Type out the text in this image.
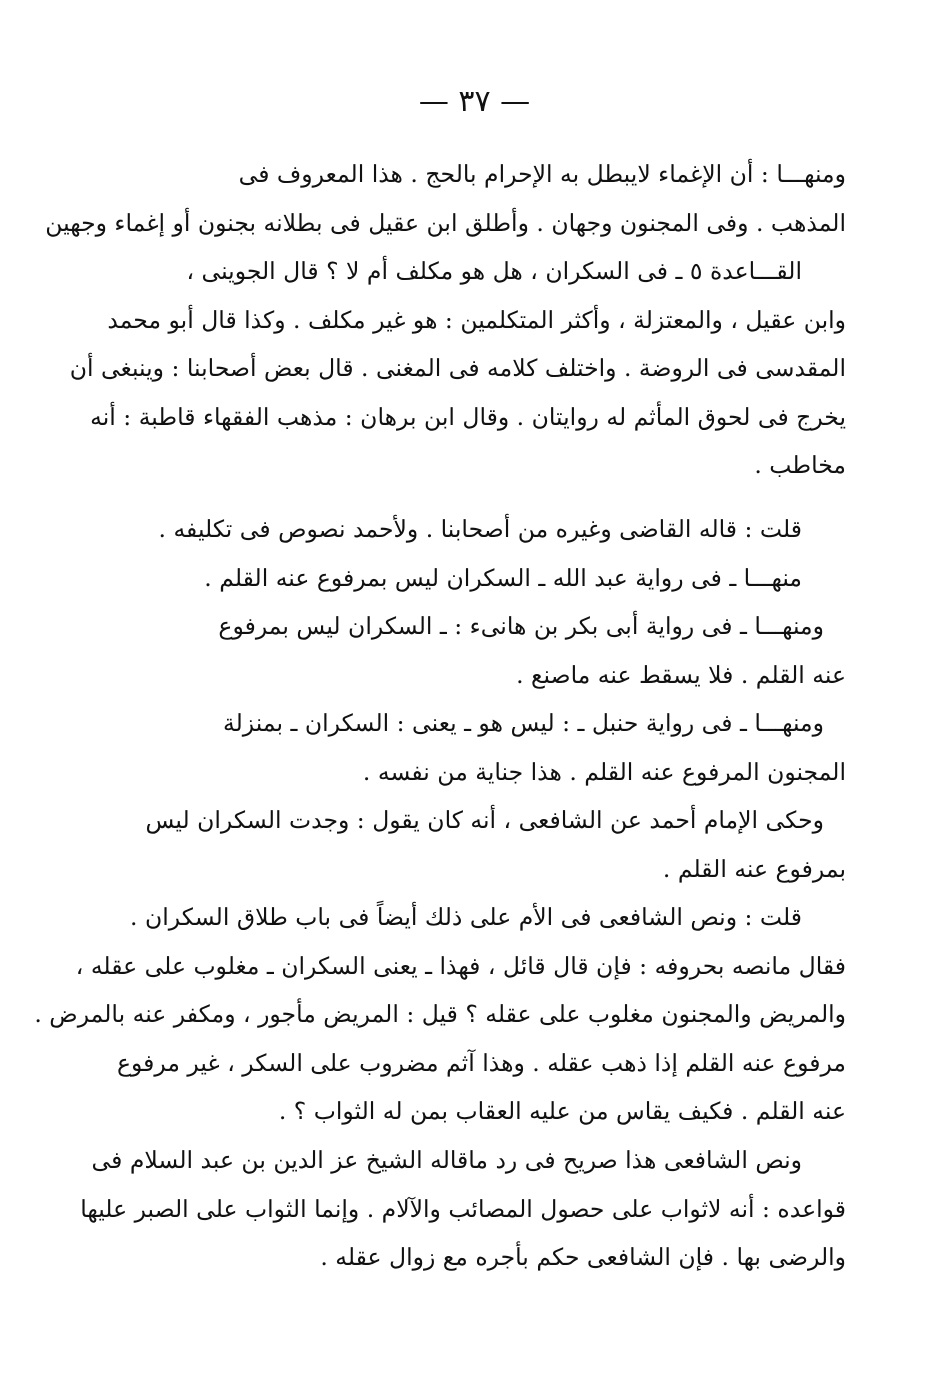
— ٣٧ —
ومنهـــا : أن الإغماء لايبطل به الإحرام بالحج . هذا المعروف فى
المذهب . وفى المجنون وجهان . وأطلق ابن عقيل فى بطلانه بجنون أو إغماء وجهين
القـــاعدة ٥ ـ فى السكران ، هل هو مكلف أم لا ؟ قال الجوينى ،
وابن عقيل ، والمعتزلة ، وأكثر المتكلمين : هو غير مكلف . وكذا قال أبو محمد
المقدسى فى الروضة . واختلف كلامه فى المغنى . قال بعض أصحابنا : وينبغى أن
يخرج فى لحوق المأثم له روايتان . وقال ابن برهان : مذهب الفقهاء قاطبة : أنه
مخاطب .
قلت : قاله القاضى وغيره من أصحابنا . ولأحمد نصوص فى تكليفه .
منهـــا ـ فى رواية عبد الله ـ السكران ليس بمرفوع عنه القلم .
ومنهـــا ـ فى رواية أبى بكر بن هانىء : ـ السكران ليس بمرفوع
عنه القلم . فلا يسقط عنه ماصنع .
ومنهـــا ـ فى رواية حنبل ـ : ليس هو ـ يعنى : السكران ـ بمنزلة
المجنون المرفوع عنه القلم . هذا جناية من نفسه .
وحكى الإمام أحمد عن الشافعى ، أنه كان يقول : وجدت السكران ليس
بمرفوع عنه القلم .
قلت : ونص الشافعى فى الأم على ذلك أيضاً فى باب طلاق السكران .
فقال مانصه بحروفه : فإن قال قائل ، فهذا ـ يعنى السكران ـ مغلوب على عقله ،
والمريض والمجنون مغلوب على عقله ؟ قيل : المريض مأجور ، ومكفر عنه بالمرض .
مرفوع عنه القلم إذا ذهب عقله . وهذا آثم مضروب على السكر ، غير مرفوع
عنه القلم . فكيف يقاس من عليه العقاب بمن له الثواب ؟ .
ونص الشافعى هذا صريح فى رد ماقاله الشيخ عز الدين بن عبد السلام فى
قواعده : أنه لاثواب على حصول المصائب والآلام . وإنما الثواب على الصبر عليها
والرضى بها . فإن الشافعى حكم بأجره مع زوال عقله .
